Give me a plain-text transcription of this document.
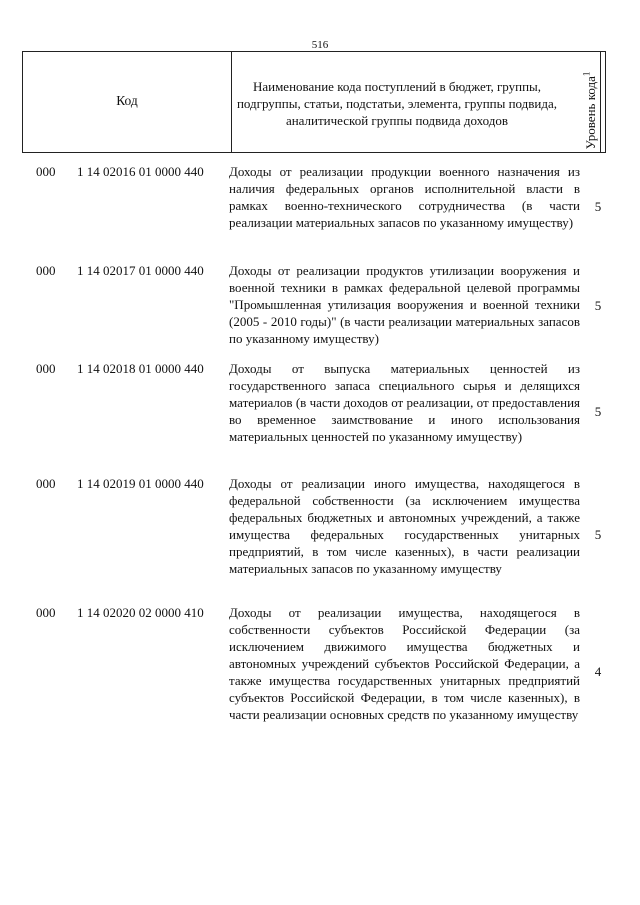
516
Код
Наименование кода поступлений в бюджет, группы, подгруппы, статьи, подстатьи, элемента, группы подвида, аналитической группы подвида доходов	Уровень кода$^1$
000 1 14 02016 01 0000 440 Доходы от реализации продукции военного назначения из наличия федеральных органов исполнительной власти в рамках военно-технического сотрудничества (в части реализации материальных запасов по указанному имуществу)
5
000 1 14 02017 01 0000 440 Доходы от реализации продуктов утилизации вооружения и военной техники в рамках федеральной целевой программы "Промышленная утилизация вооружения и военной техники (2005 - 2010 годы)" (в части реализации материальных запасов по указанному имуществу)
5
000 1 14 02018 01 0000 440 Доходы от выпуска материальных ценностей из государственного запаса специального сырья и делящихся материалов (в части доходов от реализации, от предоставления во временное заимствование и иного использования материальных ценностей по указанному имуществу)
5
000 1 14 02019 01 0000 440 Доходы от реализации иного имущества, находящегося в федеральной собственности (за исключением имущества федеральных бюджетных и автономных учреждений, а также имущества федеральных государственных унитарных предприятий, в том числе казенных), в части реализации материальных запасов по указанному имуществу
5
000 1 14 02020 02 0000 410 Доходы от реализации имущества, находящегося в собственности субъектов Российской Федерации (за исключением движимого имущества бюджетных и автономных учреждений субъектов Российской Федерации, а также имущества государственных унитарных предприятий субъектов Российской Федерации, в том числе казенных), в части реализации основных средств по указанному имуществу
4
